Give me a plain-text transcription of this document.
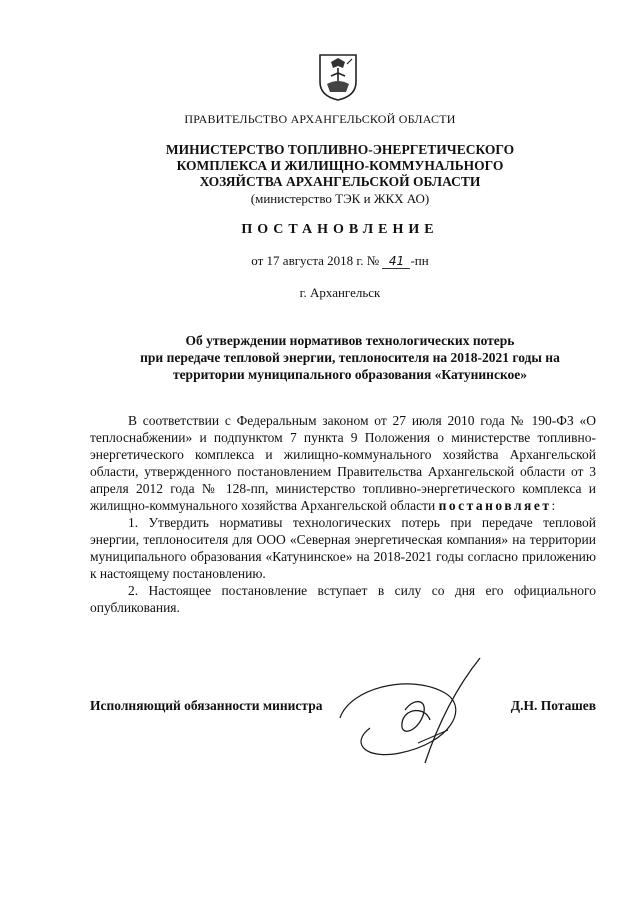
ПРАВИТЕЛЬСТВО АРХАНГЕЛЬСКОЙ ОБЛАСТИ
МИНИСТЕРСТВО ТОПЛИВНО-ЭНЕРГЕТИЧЕСКОГО
КОМПЛЕКСА И ЖИЛИЩНО-КОММУНАЛЬНОГО
ХОЗЯЙСТВА АРХАНГЕЛЬСКОЙ ОБЛАСТИ
(министерство ТЭК и ЖКХ АО)
ПОСТАНОВЛЕНИЕ
от 17 августа 2018 г. № 41 -пн
г. Архангельск
Об утверждении нормативов технологических потерь
при передаче тепловой энергии, теплоносителя на 2018-2021 годы на
территории муниципального образования «Катунинское»

В соответствии с Федеральным законом от 27 июля 2010 года № 190-ФЗ «О теплоснабжении» и подпунктом 7 пункта 9 Положения о министерстве топливно-энергетического комплекса и жилищно-коммунального хозяйства Архангельской области, утвержденного постановлением Правительства Архангельской области от 3 апреля 2012 года № 128-пп, министерство топливно-энергетического комплекса и жилищно-коммунального хозяйства Архангельской области постановляет:

1. Утвердить нормативы технологических потерь при передаче тепловой энергии, теплоносителя для ООО «Северная энергетическая компания» на территории муниципального образования «Катунинское» на 2018-2021 годы согласно приложению к настоящему постановлению.

2. Настоящее постановление вступает в силу со дня его официального опубликования.

Исполняющий обязанности министра	Д.Н. Поташев
